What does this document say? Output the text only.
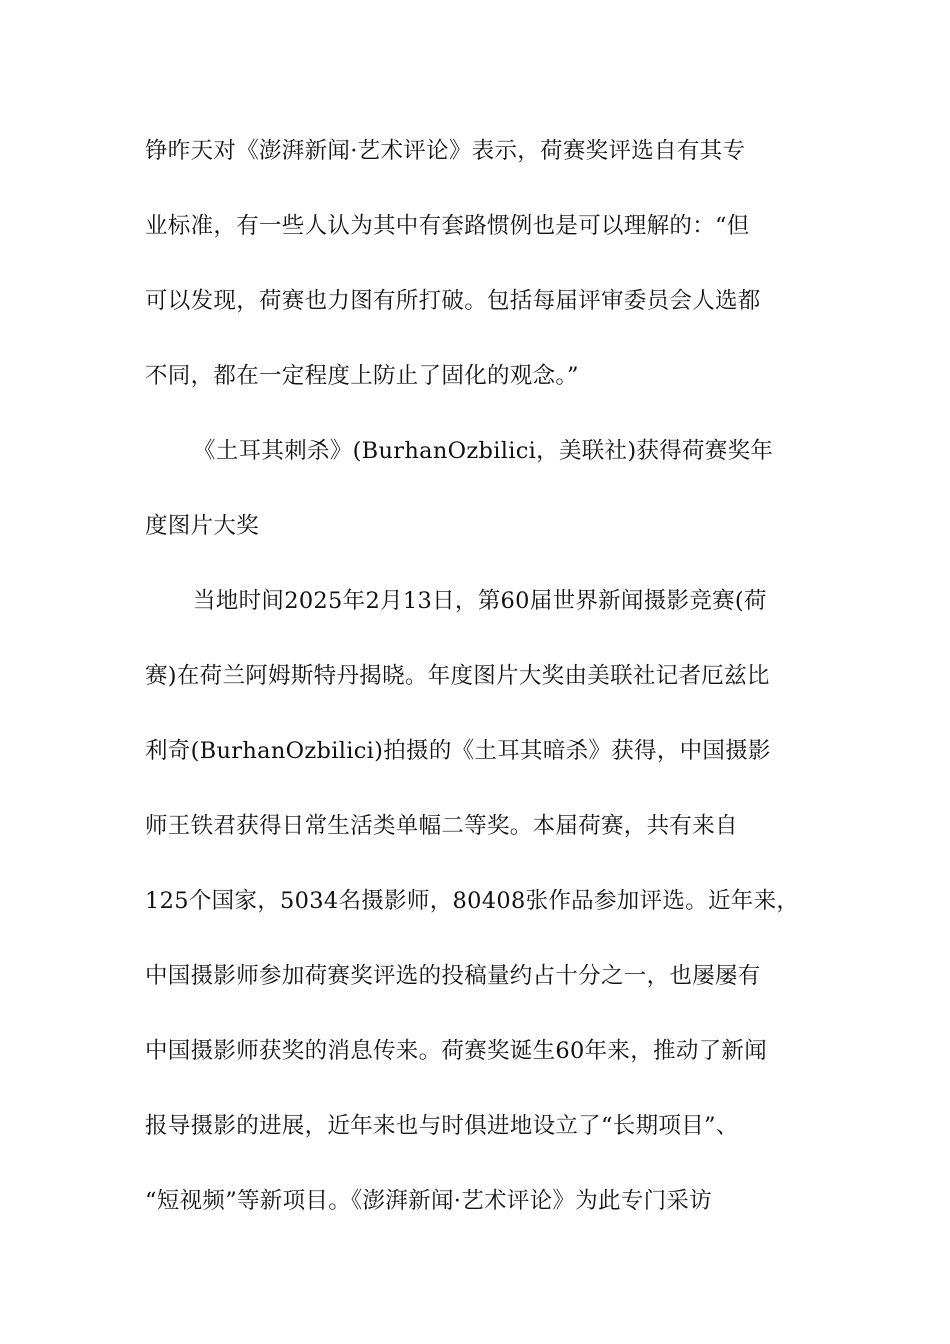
铮昨天对《澎湃新闻·艺术评论》表示，荷赛奖评选自有其专
业标准，有一些人认为其中有套路惯例也是可以理解的：“但
可以发现，荷赛也力图有所打破。包括每届评审委员会人选都
不同，都在一定程度上防止了固化的观念。”
《土耳其刺杀》(BurhanOzbilici，美联社)获得荷赛奖年
度图片大奖
当地时间2025年2月13日，第60届世界新闻摄影竞赛(荷
赛)在荷兰阿姆斯特丹揭晓。年度图片大奖由美联社记者厄兹比
利奇(BurhanOzbilici)拍摄的《土耳其暗杀》获得，中国摄影
师王铁君获得日常生活类单幅二等奖。本届荷赛，共有来自
125个国家，5034名摄影师，80408张作品参加评选。近年来，
中国摄影师参加荷赛奖评选的投稿量约占十分之一，也屡屡有
中国摄影师获奖的消息传来。荷赛奖诞生60年来，推动了新闻
报导摄影的进展，近年来也与时俱进地设立了“长期项目”、
“短视频”等新项目。《澎湃新闻·艺术评论》为此专门采访
